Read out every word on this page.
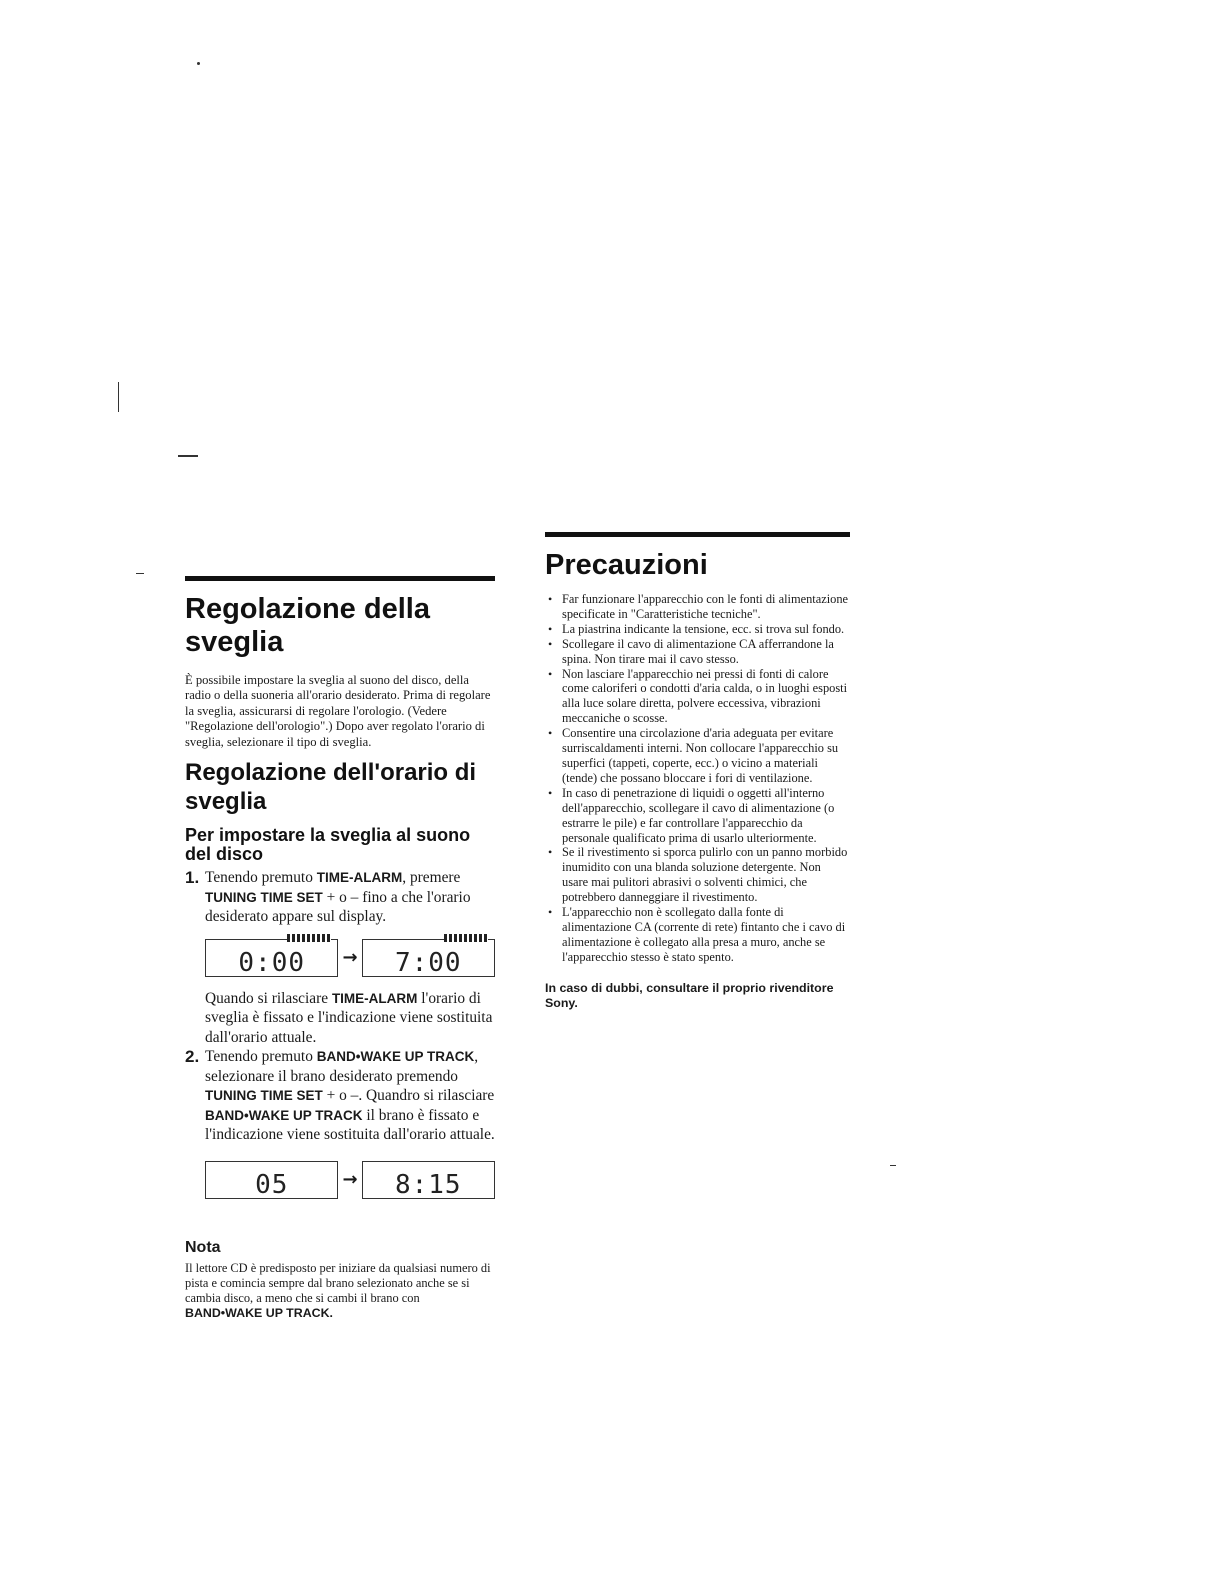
Regolazione della sveglia

È possibile impostare la sveglia al suono del disco, della radio o della suoneria all'orario desiderato. Prima di regolare la sveglia, assicurarsi di regolare l'orologio. (Vedere "Regolazione dell'orologio".) Dopo aver regolato l'orario di sveglia, selezionare il tipo di sveglia.

Regolazione dell'orario di sveglia
Per impostare la sveglia al suono del disco
1. Tenendo premuto TIME-ALARM, premere TUNING TIME SET + o – fino a che l'orario desiderato appare sul display.

0:00 → 7:00

Quando si rilasciare TIME-ALARM l'orario di sveglia è fissato e l'indicazione viene sostituita dall'orario attuale.

2. Tenendo premuto BAND•WAKE UP TRACK, selezionare il brano desiderato premendo TUNING TIME SET + o –. Quandro si rilasciare BAND•WAKE UP TRACK il brano è fissato e l'indicazione viene sostituita dall'orario attuale.

05	→ 8:15
Nota

Il lettore CD è predisposto per iniziare da qualsiasi numero di pista e comincia sempre dal brano selezionato anche se si cambia disco, a meno che si cambi il brano con BAND•WAKE UP TRACK.

Precauzioni
• Far funzionare l'apparecchio con le fonti di alimentazione specificate in "Caratteristiche tecniche".
• La piastrina indicante la tensione, ecc. si trova sul fondo.
• Scollegare il cavo di alimentazione CA afferrandone la spina. Non tirare mai il cavo stesso.
• Non lasciare l'apparecchio nei pressi di fonti di calore come caloriferi o condotti d'aria calda, o in luoghi esposti alla luce solare diretta, polvere eccessiva, vibrazioni meccaniche o scosse.
• Consentire una circolazione d'aria adeguata per evitare surriscaldamenti interni. Non collocare l'apparecchio su superfici (tappeti, coperte, ecc.) o vicino a materiali (tende) che possano bloccare i fori di ventilazione.
• In caso di penetrazione di liquidi o oggetti all'interno dell'apparecchio, scollegare il cavo di alimentazione (o estrarre le pile) e far controllare l'apparecchio da personale qualificato prima di usarlo ulteriormente.
• Se il rivestimento si sporca pulirlo con un panno morbido inumidito con una blanda soluzione detergente. Non usare mai pulitori abrasivi o solventi chimici, che potrebbero danneggiare il rivestimento.
• L'apparecchio non è scollegato dalla fonte di alimentazione CA (corrente di rete) fintanto che i cavo di alimentazione è collegato alla presa a muro, anche se l'apparecchio stesso è stato spento.

In caso di dubbi, consultare il proprio rivenditore Sony.
